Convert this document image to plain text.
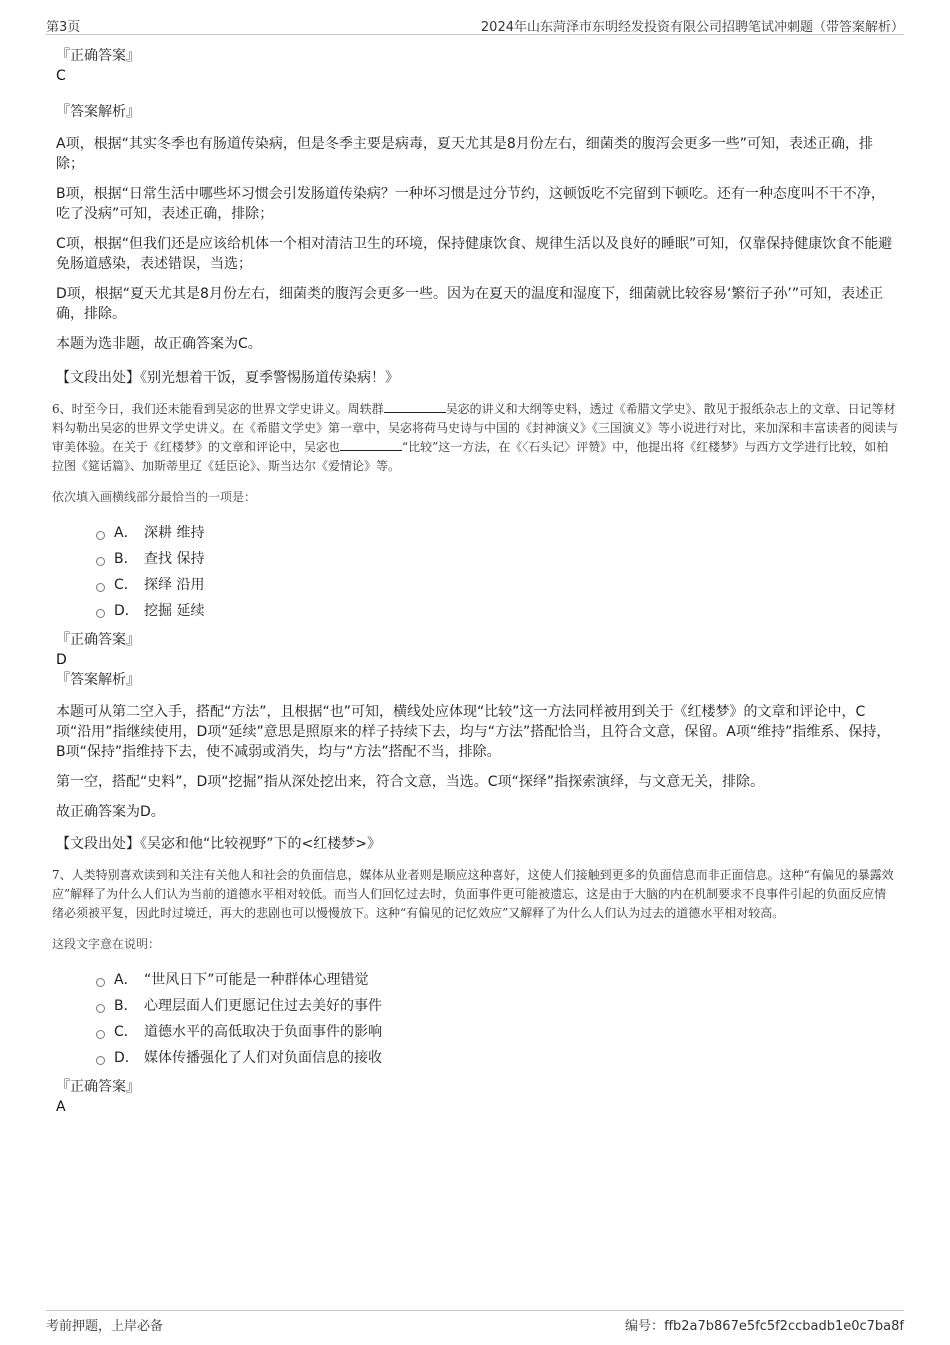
第3页	2024年山东菏泽市东明经发投资有限公司招聘笔试冲刺题（带答案解析）
『正确答案』
C
『答案解析』

A项，根据“其实冬季也有肠道传染病，但是冬季主要是病毒，夏天尤其是8月份左右，细菌类的腹泻会更多一些”可知，表述正确，排除；

B项，根据“日常生活中哪些坏习惯会引发肠道传染病？一种坏习惯是过分节约，这顿饭吃不完留到下顿吃。还有一种态度叫不干不净，吃了没病”可知，表述正确，排除；

C项，根据“但我们还是应该给机体一个相对清洁卫生的环境，保持健康饮食、规律生活以及良好的睡眠”可知，仅靠保持健康饮食不能避免肠道感染，表述错误，当选；

D项，根据“夏天尤其是8月份左右，细菌类的腹泻会更多一些。因为在夏天的温度和湿度下，细菌就比较容易‘繁衍子孙’”可知，表述正确，排除。

本题为选非题，故正确答案为C。

【文段出处】《别光想着干饭，夏季警惕肠道传染病！》
6、时至今日，我们还未能看到吴宓的世界文学史讲义。周轶群	吴宓的讲义和大纲等史料，透过《希腊文学史》、散见于报纸杂志上的文章、日记等材料勾勒出吴宓的世界文学史讲义。在《希腊文学史》第一章中，吴宓将荷马史诗与中国的《封神演义》《三国演义》等小说进行对比，来加深和丰富读者的阅读与审美体验。在关于《红楼梦》的文章和评论中，吴宓也	“比较”这一方法，在《〈石头记〉评赞》中，他提出将《红楼梦》与西方文学进行比较，如柏拉图《筵话篇》、加斯蒂里辽《廷臣论》、斯当达尔《爱情论》等。
依次填入画横线部分最恰当的一项是：
A． 深耕 维持
B． 查找 保持
C． 探绎 沿用
D． 挖掘 延续
『正确答案』
D
『答案解析』

本题可从第二空入手，搭配“方法”，且根据“也”可知，横线处应体现“比较”这一方法同样被用到关于《红楼梦》的文章和评论中，C项“沿用”指继续使用，D项“延续”意思是照原来的样子持续下去，均与“方法”搭配恰当，且符合文意，保留。A项“维持”指维系、保持，B项“保持”指维持下去，使不减弱或消失，均与“方法”搭配不当，排除。

第一空，搭配“史料”，D项“挖掘”指从深处挖出来，符合文意，当选。C项“探绎”指探索演绎，与文意无关，排除。

故正确答案为D。

【文段出处】《吴宓和他“比较视野”下的<红楼梦>》
7、人类特别喜欢读到和关注有关他人和社会的负面信息，媒体从业者则是顺应这种喜好，这使人们接触到更多的负面信息而非正面信息。这种“有偏见的暴露效应”解释了为什么人们认为当前的道德水平相对较低。而当人们回忆过去时，负面事件更可能被遗忘，这是由于大脑的内在机制要求不良事件引起的负面反应情绪必须被平复，因此时过境迁，再大的悲剧也可以慢慢放下。这种“有偏见的记忆效应”又解释了为什么人们认为过去的道德水平相对较高。
这段文字意在说明：
A． “世风日下”可能是一种群体心理错觉
B． 心理层面人们更愿记住过去美好的事件
C． 道德水平的高低取决于负面事件的影响
D． 媒体传播强化了人们对负面信息的接收
『正确答案』
A
考前押题，上岸必备	编号：ffb2a7b867e5fc5f2ccbadb1e0c7ba8f
